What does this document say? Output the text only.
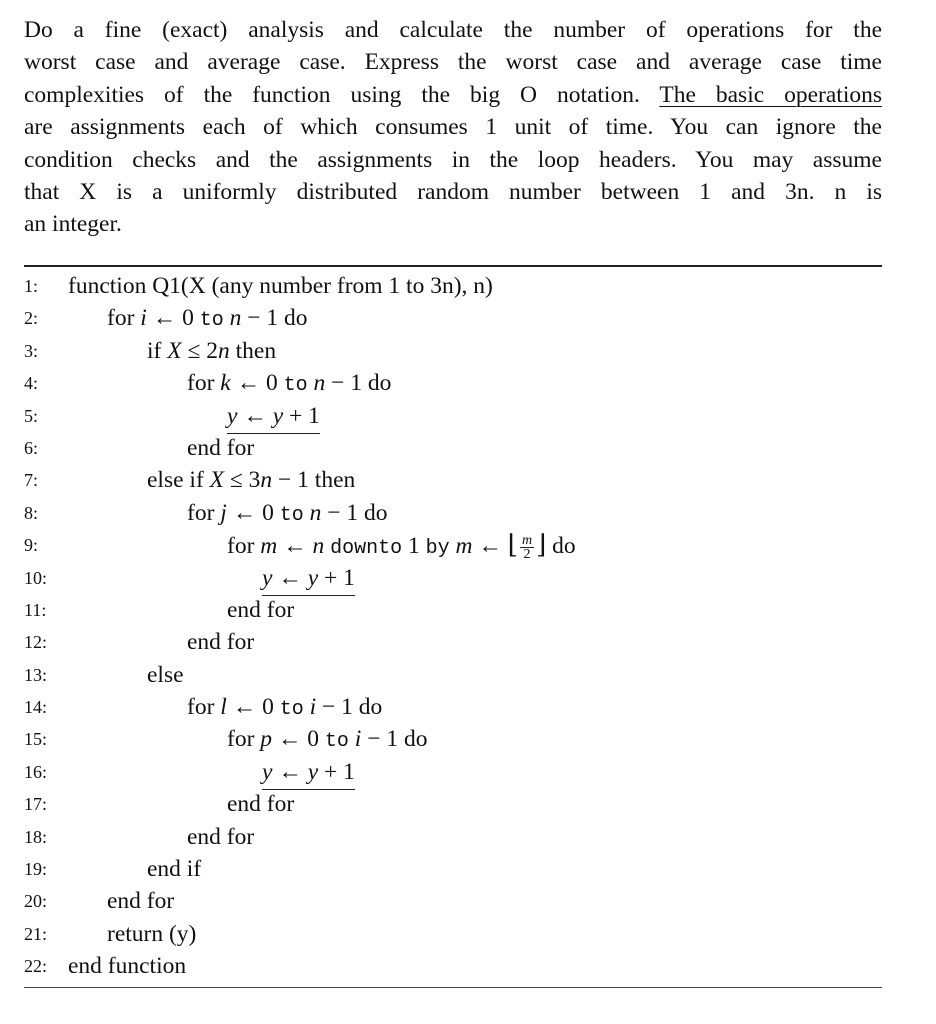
Do a fine (exact) analysis and calculate the number of operations for the
worst case and average case. Express the worst case and average case time
complexities of the function using the big O notation. The basic operations
are assignments each of which consumes 1 unit of time. You can ignore the
condition checks and the assignments in the loop headers. You may assume
that X is a uniformly distributed random number between 1 and 3n. n is
an integer.
1: function Q1(X (any number from 1 to 3n), n)
2:	for i ← 0 to n − 1 do
3:	if X ≤ 2n then
4:	for k ← 0 to n − 1 do
5:	y ← y + 1
6:	end for
7:	else if X ≤ 3n − 1 then
8:	for j ← 0 to n − 1 do
9:	for m ← n downto 1 by m ← ⌊ $\frac{m}{2}$ ⌋ do
10:	y ← y + 1
11:	end for
12:	end for
13:	else
14:	for l ← 0 to i − 1 do
15:	for p ← 0 to i − 1 do
16:	y ← y + 1
17:	end for
18:	end for
19:	end if
20:	end for
21:	return (y)
22: end function
